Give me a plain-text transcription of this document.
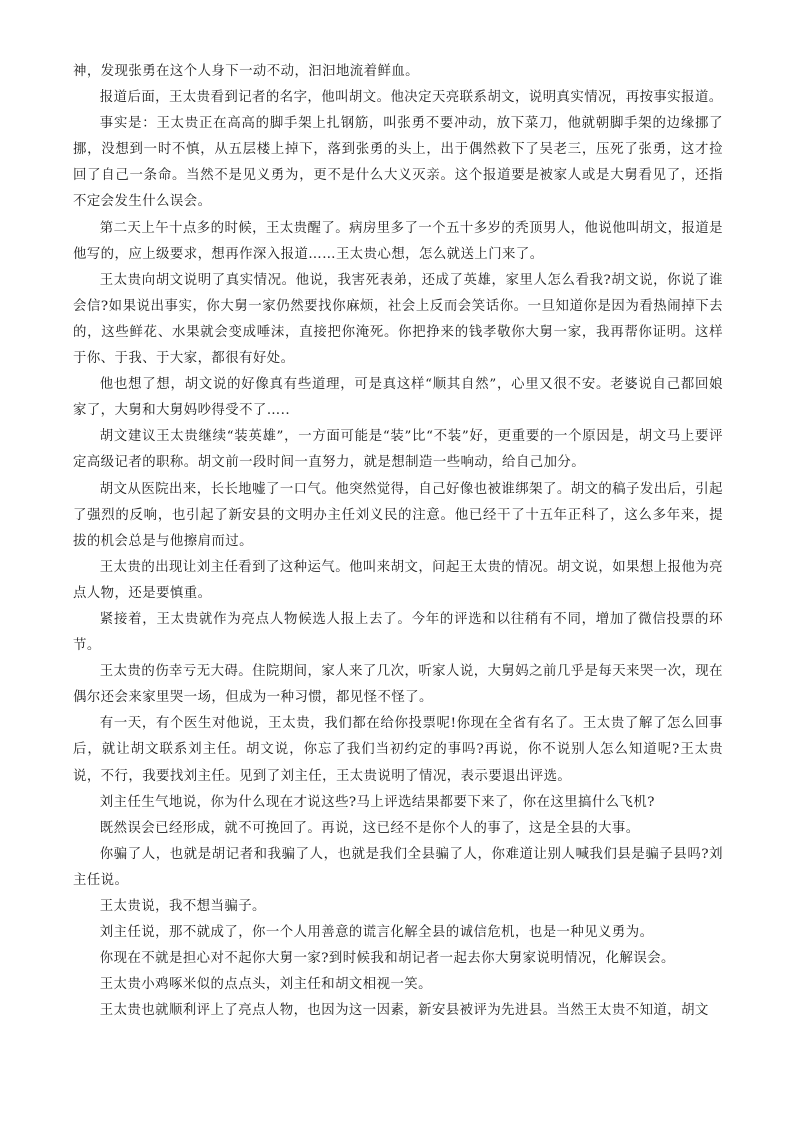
神，发现张勇在这个人身下一动不动，汩汩地流着鲜血。

报道后面，王太贵看到记者的名字，他叫胡文。他决定天亮联系胡文，说明真实情况，再按事实报道。

事实是：王太贵正在高高的脚手架上扎钢筋，叫张勇不要冲动，放下菜刀，他就朝脚手架的边缘挪了挪，没想到一时不慎，从五层楼上掉下，落到张勇的头上，出于偶然救下了吴老三，压死了张勇，这才捡回了自己一条命。当然不是见义勇为，更不是什么大义灭亲。这个报道要是被家人或是大舅看见了，还指不定会发生什么误会。

第二天上午十点多的时候，王太贵醒了。病房里多了一个五十多岁的秃顶男人，他说他叫胡文，报道是他写的，应上级要求，想再作深入报道……王太贵心想，怎么就送上门来了。

王太贵向胡文说明了真实情况。他说，我害死表弟，还成了英雄，家里人怎么看我?胡文说，你说了谁会信?如果说出事实，你大舅一家仍然要找你麻烦，社会上反而会笑话你。一旦知道你是因为看热闹掉下去的，这些鲜花、水果就会变成唾沫，直接把你淹死。你把挣来的钱孝敬你大舅一家，我再帮你证明。这样于你、于我、于大家，都很有好处。

他也想了想，胡文说的好像真有些道理，可是真这样“顺其自然”，心里又很不安。老婆说自己都回娘家了，大舅和大舅妈吵得受不了…..

胡文建议王太贵继续“装英雄”，一方面可能是“装”比“不装”好，更重要的一个原因是，胡文马上要评定高级记者的职称。胡文前一段时间一直努力，就是想制造一些响动，给自己加分。

胡文从医院出来，长长地嘘了一口气。他突然觉得，自己好像也被谁绑架了。胡文的稿子发出后，引起了强烈的反响，也引起了新安县的文明办主任刘义民的注意。他已经干了十五年正科了，这么多年来，提拔的机会总是与他擦肩而过。

王太贵的出现让刘主任看到了这种运气。他叫来胡文，问起王太贵的情况。胡文说，如果想上报他为亮点人物，还是要慎重。

紧接着，王太贵就作为亮点人物候选人报上去了。今年的评选和以往稍有不同，增加了微信投票的环节。

王太贵的伤幸亏无大碍。住院期间，家人来了几次，听家人说，大舅妈之前几乎是每天来哭一次，现在偶尔还会来家里哭一场，但成为一种习惯，都见怪不怪了。

有一天，有个医生对他说，王太贵，我们都在给你投票呢!你现在全省有名了。王太贵了解了怎么回事后，就让胡文联系刘主任。胡文说，你忘了我们当初约定的事吗?再说，你不说别人怎么知道呢?王太贵说，不行，我要找刘主任。见到了刘主任，王太贵说明了情况，表示要退出评选。

刘主任生气地说，你为什么现在才说这些?马上评选结果都要下来了，你在这里搞什么飞机?

既然误会已经形成，就不可挽回了。再说，这已经不是你个人的事了，这是全县的大事。

你骗了人，也就是胡记者和我骗了人，也就是我们全县骗了人，你难道让别人喊我们县是骗子县吗?刘主任说。

王太贵说，我不想当骗子。

刘主任说，那不就成了，你一个人用善意的谎言化解全县的诚信危机，也是一种见义勇为。

你现在不就是担心对不起你大舅一家?到时候我和胡记者一起去你大舅家说明情况，化解误会。

王太贵小鸡啄米似的点点头，刘主任和胡文相视一笑。

王太贵也就顺利评上了亮点人物，也因为这一因素，新安县被评为先进县。当然王太贵不知道，胡文
